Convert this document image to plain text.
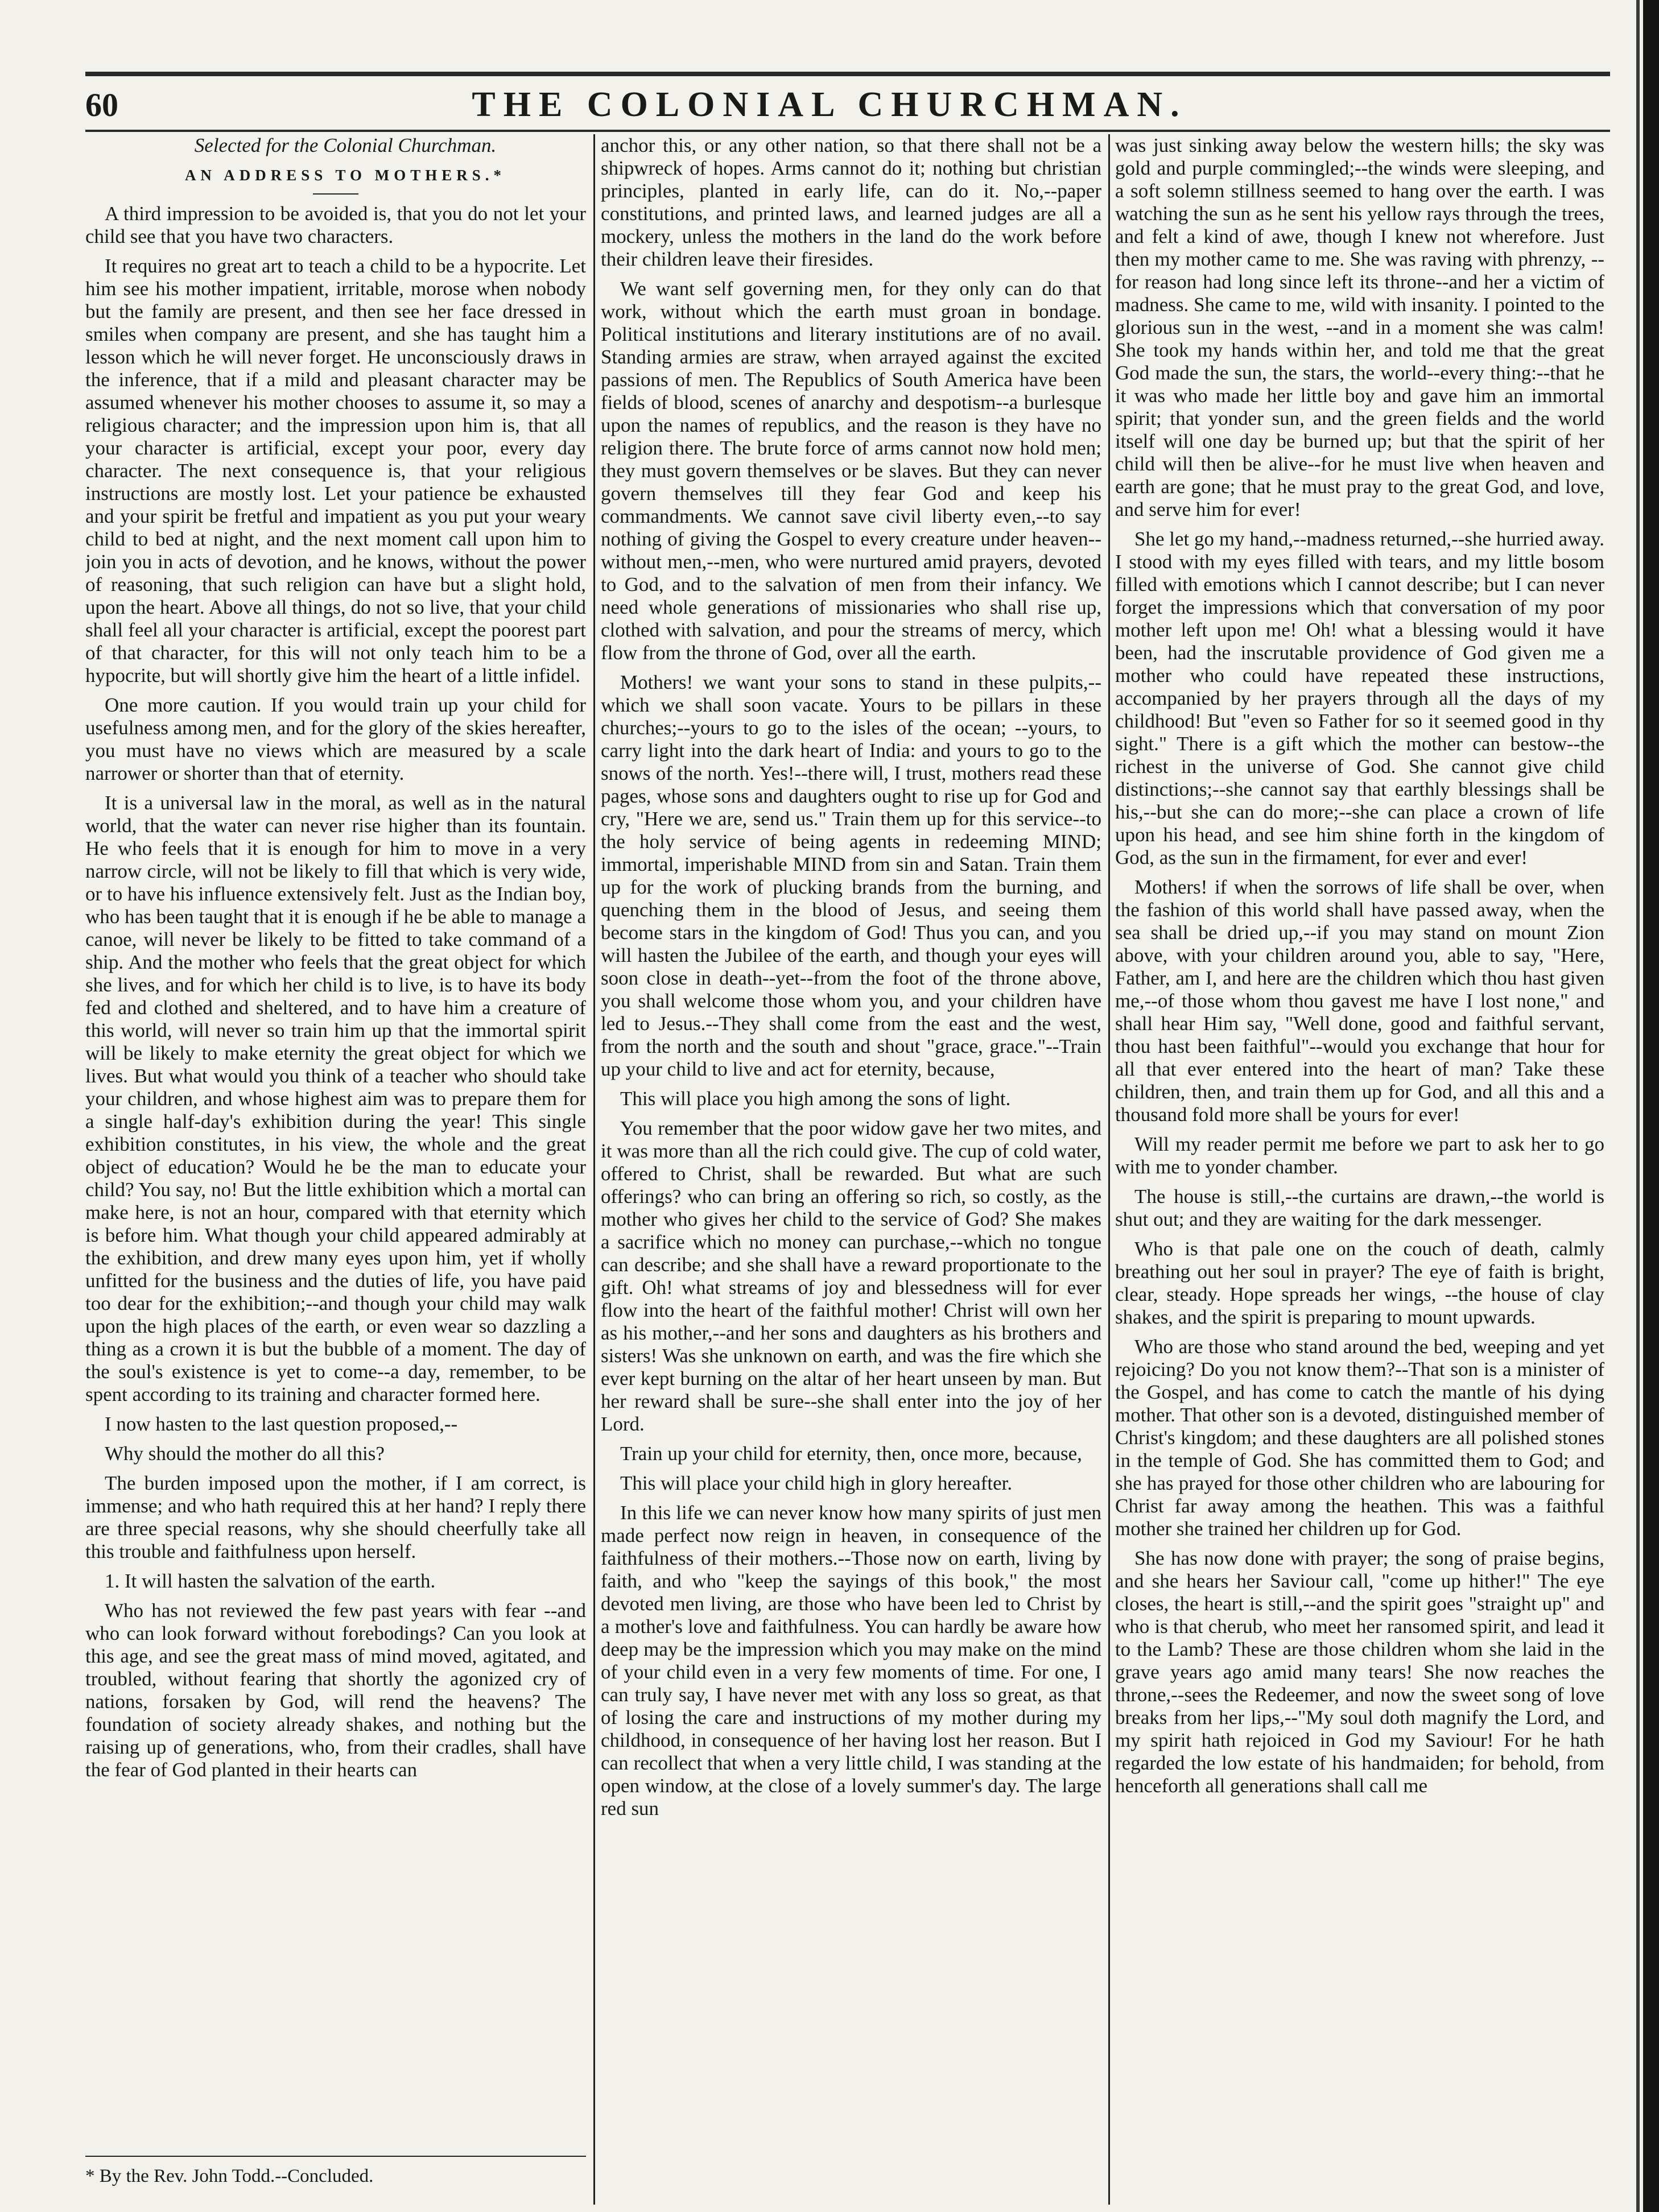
60	THE COLONIAL CHURCHMAN.

Selected for the Colonial Churchman.

AN ADDRESS TO MOTHERS.*

A third impression to be avoided is, that you do not let your child see that you have two characters.

It requires no great art to teach a child to be a hypocrite. Let him see his mother impatient, irritable, morose when nobody but the family are present, and then see her face dressed in smiles when company are present, and she has taught him a lesson which he will never forget. He unconsciously draws in the inference, that if a mild and pleasant character may be assumed whenever his mother chooses to assume it, so may a religious character; and the impression upon him is, that all your character is artificial, except your poor, every day character. The next consequence is, that your religious instructions are mostly lost. Let your patience be exhausted and your spirit be fretful and impatient as you put your weary child to bed at night, and the next moment call upon him to join you in acts of devotion, and he knows, without the power of reasoning, that such religion can have but a slight hold, upon the heart. Above all things, do not so live, that your child shall feel all your character is artificial, except the poorest part of that character, for this will not only teach him to be a hypocrite, but will shortly give him the heart of a little infidel.

One more caution. If you would train up your child for usefulness among men, and for the glory of the skies hereafter, you must have no views which are measured by a scale narrower or shorter than that of eternity.

It is a universal law in the moral, as well as in the natural world, that the water can never rise higher than its fountain. He who feels that it is enough for him to move in a very narrow circle, will not be likely to fill that which is very wide, or to have his influence extensively felt. Just as the Indian boy, who has been taught that it is enough if he be able to manage a canoe, will never be likely to be fitted to take command of a ship. And the mother who feels that the great object for which she lives, and for which her child is to live, is to have its body fed and clothed and sheltered, and to have him a creature of this world, will never so train him up that the immortal spirit will be likely to make eternity the great object for which we lives. But what would you think of a teacher who should take your children, and whose highest aim was to prepare them for a single half-day's exhibition during the year! This single exhibition constitutes, in his view, the whole and the great object of education? Would he be the man to educate your child? You say, no! But the little exhibition which a mortal can make here, is not an hour, compared with that eternity which is before him. What though your child appeared admirably at the exhibition, and drew many eyes upon him, yet if wholly unfitted for the business and the duties of life, you have paid too dear for the exhibition;--and though your child may walk upon the high places of the earth, or even wear so dazzling a thing as a crown it is but the bubble of a moment. The day of the soul's existence is yet to come--a day, remember, to be spent according to its training and character formed here.

I now hasten to the last question proposed,--

Why should the mother do all this?

The burden imposed upon the mother, if I am correct, is immense; and who hath required this at her hand? I reply there are three special reasons, why she should cheerfully take all this trouble and faithfulness upon herself.

1. It will hasten the salvation of the earth.

Who has not reviewed the few past years with fear --and who can look forward without forebodings? Can you look at this age, and see the great mass of mind moved, agitated, and troubled, without fearing that shortly the agonized cry of nations, forsaken by God, will rend the heavens? The foundation of society already shakes, and nothing but the raising up of generations, who, from their cradles, shall have the fear of God planted in their hearts can

* By the Rev. John Todd.--Concluded.

anchor this, or any other nation, so that there shall not be a shipwreck of hopes. Arms cannot do it; nothing but christian principles, planted in early life, can do it. No,--paper constitutions, and printed laws, and learned judges are all a mockery, unless the mothers in the land do the work before their children leave their firesides.

We want self governing men, for they only can do that work, without which the earth must groan in bondage. Political institutions and literary institutions are of no avail. Standing armies are straw, when arrayed against the excited passions of men. The Republics of South America have been fields of blood, scenes of anarchy and despotism--a burlesque upon the names of republics, and the reason is they have no religion there. The brute force of arms cannot now hold men; they must govern themselves or be slaves. But they can never govern themselves till they fear God and keep his commandments. We cannot save civil liberty even,--to say nothing of giving the Gospel to every creature under heaven--without men,--men, who were nurtured amid prayers, devoted to God, and to the salvation of men from their infancy. We need whole generations of missionaries who shall rise up, clothed with salvation, and pour the streams of mercy, which flow from the throne of God, over all the earth.

Mothers! we want your sons to stand in these pulpits,--which we shall soon vacate. Yours to be pillars in these churches;--yours to go to the isles of the ocean; --yours, to carry light into the dark heart of India: and yours to go to the snows of the north. Yes!--there will, I trust, mothers read these pages, whose sons and daughters ought to rise up for God and cry, "Here we are, send us." Train them up for this service--to the holy service of being agents in redeeming MIND; immortal, imperishable MIND from sin and Satan. Train them up for the work of plucking brands from the burning, and quenching them in the blood of Jesus, and seeing them become stars in the kingdom of God! Thus you can, and you will hasten the Jubilee of the earth, and though your eyes will soon close in death--yet--from the foot of the throne above, you shall welcome those whom you, and your children have led to Jesus.--They shall come from the east and the west, from the north and the south and shout "grace, grace."--Train up your child to live and act for eternity, because,

This will place you high among the sons of light.

You remember that the poor widow gave her two mites, and it was more than all the rich could give. The cup of cold water, offered to Christ, shall be rewarded. But what are such offerings? who can bring an offering so rich, so costly, as the mother who gives her child to the service of God? She makes a sacrifice which no money can purchase,--which no tongue can describe; and she shall have a reward proportionate to the gift. Oh! what streams of joy and blessedness will for ever flow into the heart of the faithful mother! Christ will own her as his mother,--and her sons and daughters as his brothers and sisters! Was she unknown on earth, and was the fire which she ever kept burning on the altar of her heart unseen by man. But her reward shall be sure--she shall enter into the joy of her Lord.

Train up your child for eternity, then, once more, because,

This will place your child high in glory hereafter.

In this life we can never know how many spirits of just men made perfect now reign in heaven, in consequence of the faithfulness of their mothers.--Those now on earth, living by faith, and who "keep the sayings of this book," the most devoted men living, are those who have been led to Christ by a mother's love and faithfulness. You can hardly be aware how deep may be the impression which you may make on the mind of your child even in a very few moments of time. For one, I can truly say, I have never met with any loss so great, as that of losing the care and instructions of my mother during my childhood, in consequence of her having lost her reason. But I can recollect that when a very little child, I was standing at the open window, at the close of a lovely summer's day. The large red sun

was just sinking away below the western hills; the sky was gold and purple commingled;--the winds were sleeping, and a soft solemn stillness seemed to hang over the earth. I was watching the sun as he sent his yellow rays through the trees, and felt a kind of awe, though I knew not wherefore. Just then my mother came to me. She was raving with phrenzy, --for reason had long since left its throne--and her a victim of madness. She came to me, wild with insanity. I pointed to the glorious sun in the west, --and in a moment she was calm! She took my hands within her, and told me that the great God made the sun, the stars, the world--every thing:--that he it was who made her little boy and gave him an immortal spirit; that yonder sun, and the green fields and the world itself will one day be burned up; but that the spirit of her child will then be alive--for he must live when heaven and earth are gone; that he must pray to the great God, and love, and serve him for ever!

She let go my hand,--madness returned,--she hurried away. I stood with my eyes filled with tears, and my little bosom filled with emotions which I cannot describe; but I can never forget the impressions which that conversation of my poor mother left upon me! Oh! what a blessing would it have been, had the inscrutable providence of God given me a mother who could have repeated these instructions, accompanied by her prayers through all the days of my childhood! But "even so Father for so it seemed good in thy sight." There is a gift which the mother can bestow--the richest in the universe of God. She cannot give child distinctions;--she cannot say that earthly blessings shall be his,--but she can do more;--she can place a crown of life upon his head, and see him shine forth in the kingdom of God, as the sun in the firmament, for ever and ever!

Mothers! if when the sorrows of life shall be over, when the fashion of this world shall have passed away, when the sea shall be dried up,--if you may stand on mount Zion above, with your children around you, able to say, "Here, Father, am I, and here are the children which thou hast given me,--of those whom thou gavest me have I lost none," and shall hear Him say, "Well done, good and faithful servant, thou hast been faithful"--would you exchange that hour for all that ever entered into the heart of man? Take these children, then, and train them up for God, and all this and a thousand fold more shall be yours for ever!

Will my reader permit me before we part to ask her to go with me to yonder chamber.

The house is still,--the curtains are drawn,--the world is shut out; and they are waiting for the dark messenger.

Who is that pale one on the couch of death, calmly breathing out her soul in prayer? The eye of faith is bright, clear, steady. Hope spreads her wings, --the house of clay shakes, and the spirit is preparing to mount upwards.

Who are those who stand around the bed, weeping and yet rejoicing? Do you not know them?--That son is a minister of the Gospel, and has come to catch the mantle of his dying mother. That other son is a devoted, distinguished member of Christ's kingdom; and these daughters are all polished stones in the temple of God. She has committed them to God; and she has prayed for those other children who are labouring for Christ far away among the heathen. This was a faithful mother she trained her children up for God.

She has now done with prayer; the song of praise begins, and she hears her Saviour call, "come up hither!" The eye closes, the heart is still,--and the spirit goes "straight up" and who is that cherub, who meet her ransomed spirit, and lead it to the Lamb? These are those children whom she laid in the grave years ago amid many tears! She now reaches the throne,--sees the Redeemer, and now the sweet song of love breaks from her lips,--"My soul doth magnify the Lord, and my spirit hath rejoiced in God my Saviour! For he hath regarded the low estate of his handmaiden; for behold, from henceforth all generations shall call me
